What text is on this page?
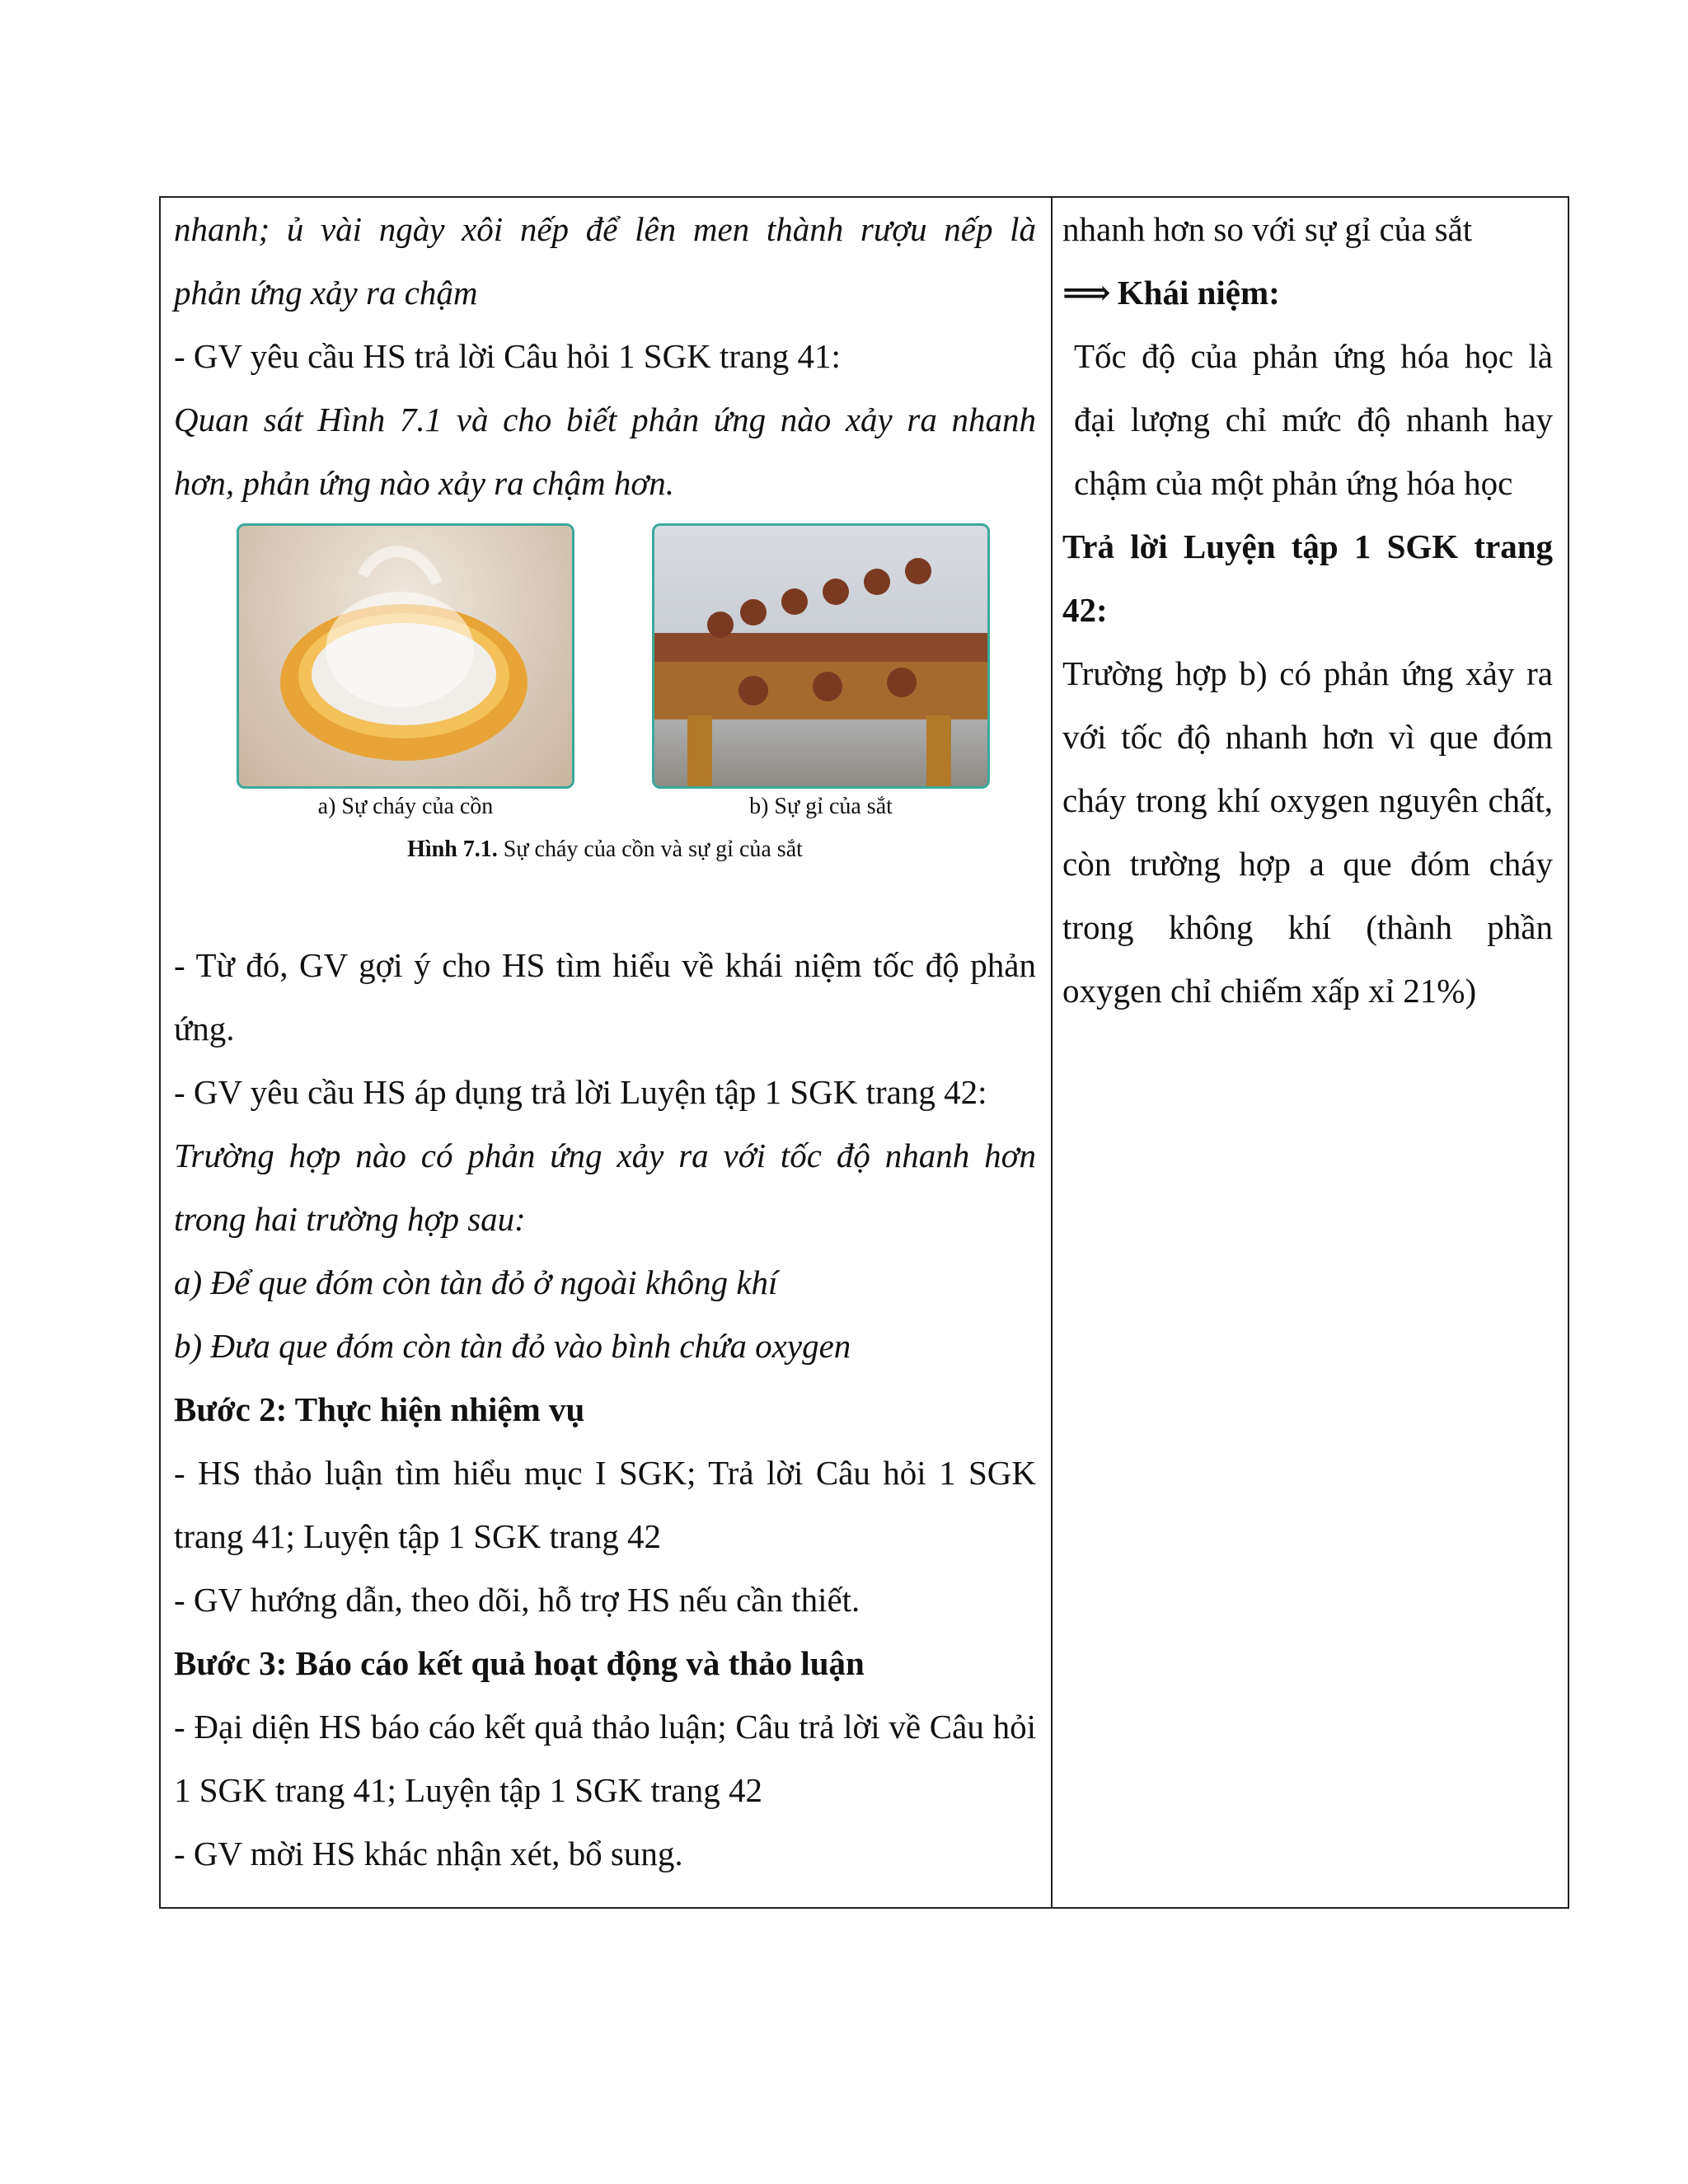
nhanh; ủ vài ngày xôi nếp để lên men thành rượu nếp là

phản ứng xảy ra chậm

- GV yêu cầu HS trả lời Câu hỏi 1 SGK trang 41:

Quan sát Hình 7.1 và cho biết phản ứng nào xảy ra nhanh

hơn, phản ứng nào xảy ra chậm hơn.

a) Sự cháy của cồn	b) Sự gỉ của sắt
Hình 7.1. Sự cháy của cồn và sự gỉ của sắt

- Từ đó, GV gợi ý cho HS tìm hiểu về khái niệm tốc độ phản ứng.

- GV yêu cầu HS áp dụng trả lời Luyện tập 1 SGK trang 42:

Trường hợp nào có phản ứng xảy ra với tốc độ nhanh hơn trong hai trường hợp sau:

a) Để que đóm còn tàn đỏ ở ngoài không khí

b) Đưa que đóm còn tàn đỏ vào bình chứa oxygen

Bước 2: Thực hiện nhiệm vụ

- HS thảo luận tìm hiểu mục I SGK; Trả lời Câu hỏi 1 SGK trang 41; Luyện tập 1 SGK trang 42

- GV hướng dẫn, theo dõi, hỗ trợ HS nếu cần thiết.

Bước 3: Báo cáo kết quả hoạt động và thảo luận

- Đại diện HS báo cáo kết quả thảo luận; Câu trả lời về Câu hỏi 1 SGK trang 41; Luyện tập 1 SGK trang 42

- GV mời HS khác nhận xét, bổ sung.

nhanh hơn so với sự gỉ của sắt

⟹ Khái niệm:

Tốc độ của phản ứng hóa học là đại lượng chỉ mức độ nhanh hay chậm của một phản ứng hóa học

Trả lời Luyện tập 1 SGK trang 42:

Trường hợp b) có phản ứng xảy ra với tốc độ nhanh hơn vì que đóm cháy trong khí oxygen nguyên chất, còn trường hợp a que đóm cháy trong không khí (thành phần oxygen chỉ chiếm xấp xỉ 21%)
